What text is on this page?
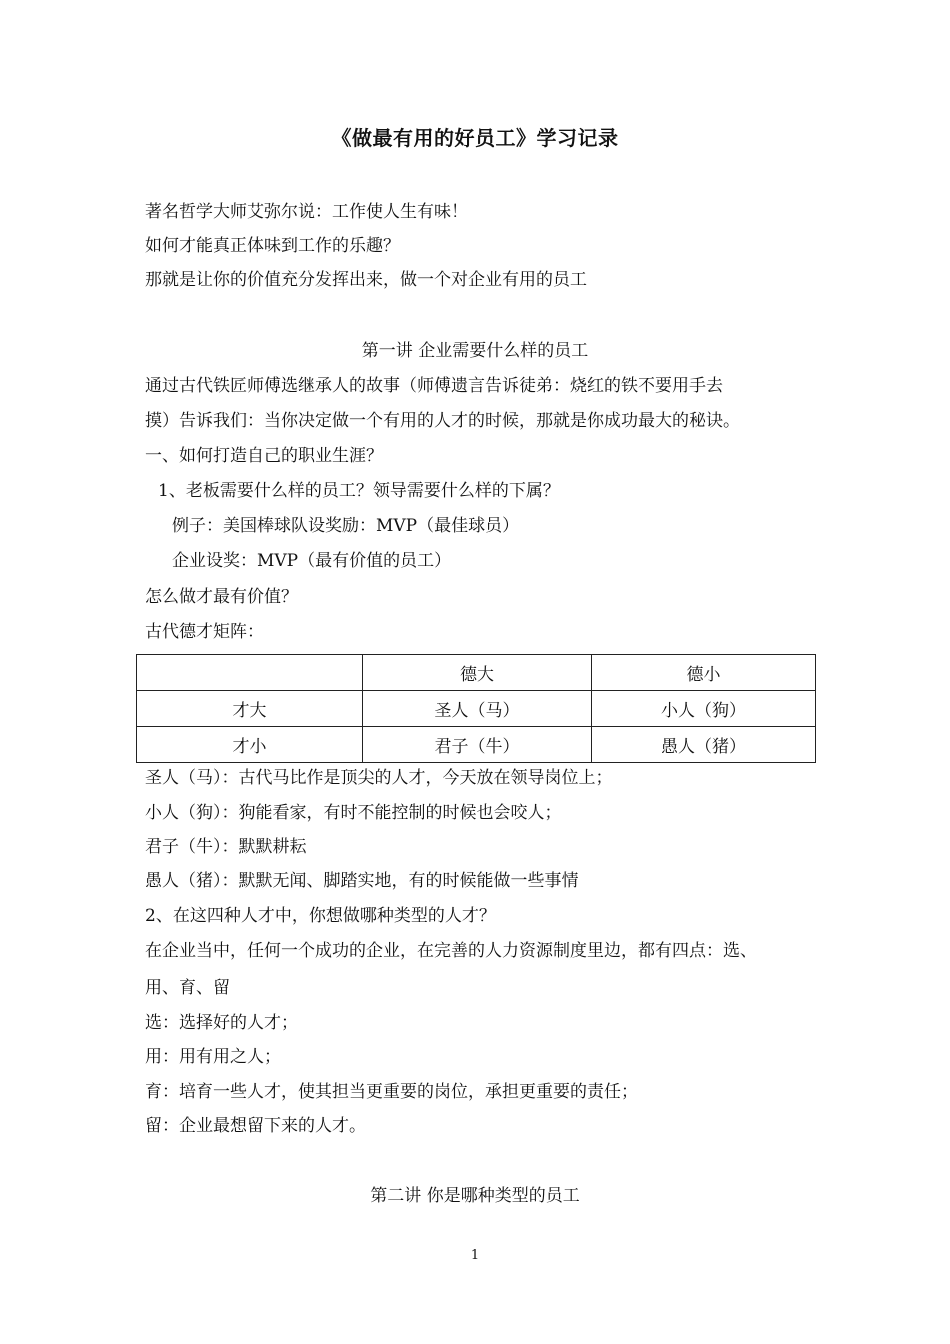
《做最有用的好员工》学习记录
著名哲学大师艾弥尔说：工作使人生有味！
如何才能真正体味到工作的乐趣？
那就是让你的价值充分发挥出来，做一个对企业有用的员工
第一讲 企业需要什么样的员工
通过古代铁匠师傅选继承人的故事（师傅遗言告诉徒弟：烧红的铁不要用手去
摸）告诉我们：当你决定做一个有用的人才的时候，那就是你成功最大的秘诀。
一、如何打造自己的职业生涯？
1、老板需要什么样的员工？领导需要什么样的下属？
例子：美国棒球队设奖励：MVP（最佳球员）
企业设奖：MVP（最有价值的员工）
怎么做才最有价值？
古代德才矩阵：
	德大	德小
才大	圣人（马）	小人（狗）
才小	君子（牛）	愚人（猪）
圣人（马）：古代马比作是顶尖的人才，今天放在领导岗位上；
小人（狗）：狗能看家，有时不能控制的时候也会咬人；
君子（牛）：默默耕耘
愚人（猪）：默默无闻、脚踏实地，有的时候能做一些事情
2、在这四种人才中，你想做哪种类型的人才？
在企业当中，任何一个成功的企业，在完善的人力资源制度里边，都有四点：选、
用、育、留
选：选择好的人才；
用：用有用之人；
育：培育一些人才，使其担当更重要的岗位，承担更重要的责任；
留：企业最想留下来的人才。
第二讲 你是哪种类型的员工
1
